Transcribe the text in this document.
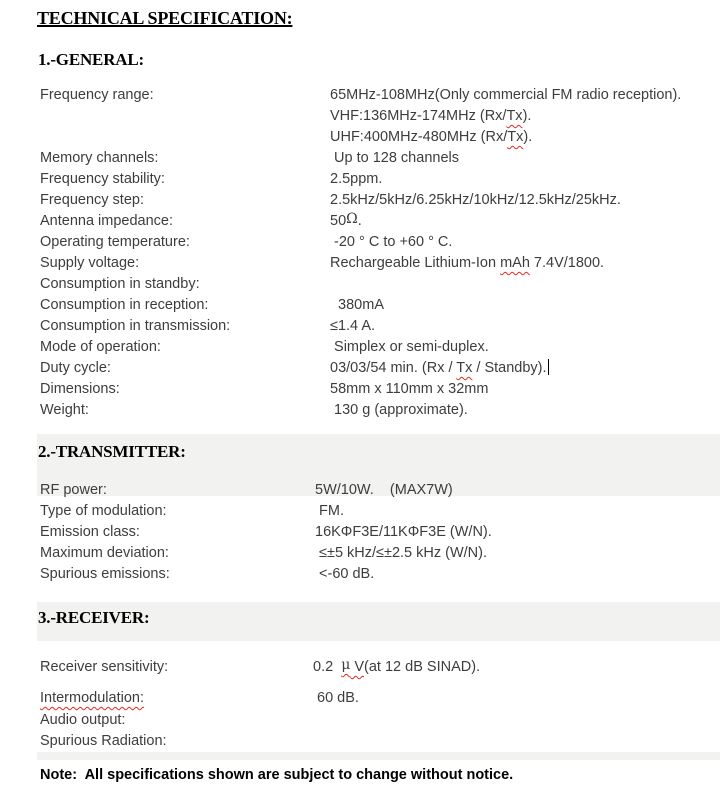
TECHNICAL SPECIFICATION:
1.-GENERAL:
Frequency range:	65MHz-108MHz(Only commercial FM radio reception).
VHF:136MHz-174MHz (Rx/Tx).
UHF:400MHz-480MHz (Rx/Tx).
Memory channels:	Up to 128 channels
Frequency stability:	2.5ppm.
Frequency step:	2.5kHz/5kHz/6.25kHz/10kHz/12.5kHz/25kHz.
Antenna impedance:	50Ω.
Operating temperature:	-20 ° C to +60 ° C.
Supply voltage:	Rechargeable Lithium-Ion mAh 7.4V/1800.
Consumption in standby:
Consumption in reception:	380mA
Consumption in transmission:	≤1.4 A.
Mode of operation:	Simplex or semi-duplex.
Duty cycle:	03/03/54 min. (Rx / Tx / Standby).
Dimensions:	58mm x 110mm x 32mm
Weight:	130 g (approximate).
2.-TRANSMITTER:
RF power:	5W/10W.    (MAX7W)
Type of modulation:	FM.
Emission class:	16KΦF3E/11KΦF3E (W/N).
Maximum deviation:	≤±5 kHz/≤±2.5 kHz (W/N).
Spurious emissions:	<-60 dB.
3.-RECEIVER:
Receiver sensitivity:	0.2  μ V(at 12 dB SINAD).
Intermodulation:	60 dB.
Audio output:
Spurious Radiation:

Note:  All specifications shown are subject to change without notice.
